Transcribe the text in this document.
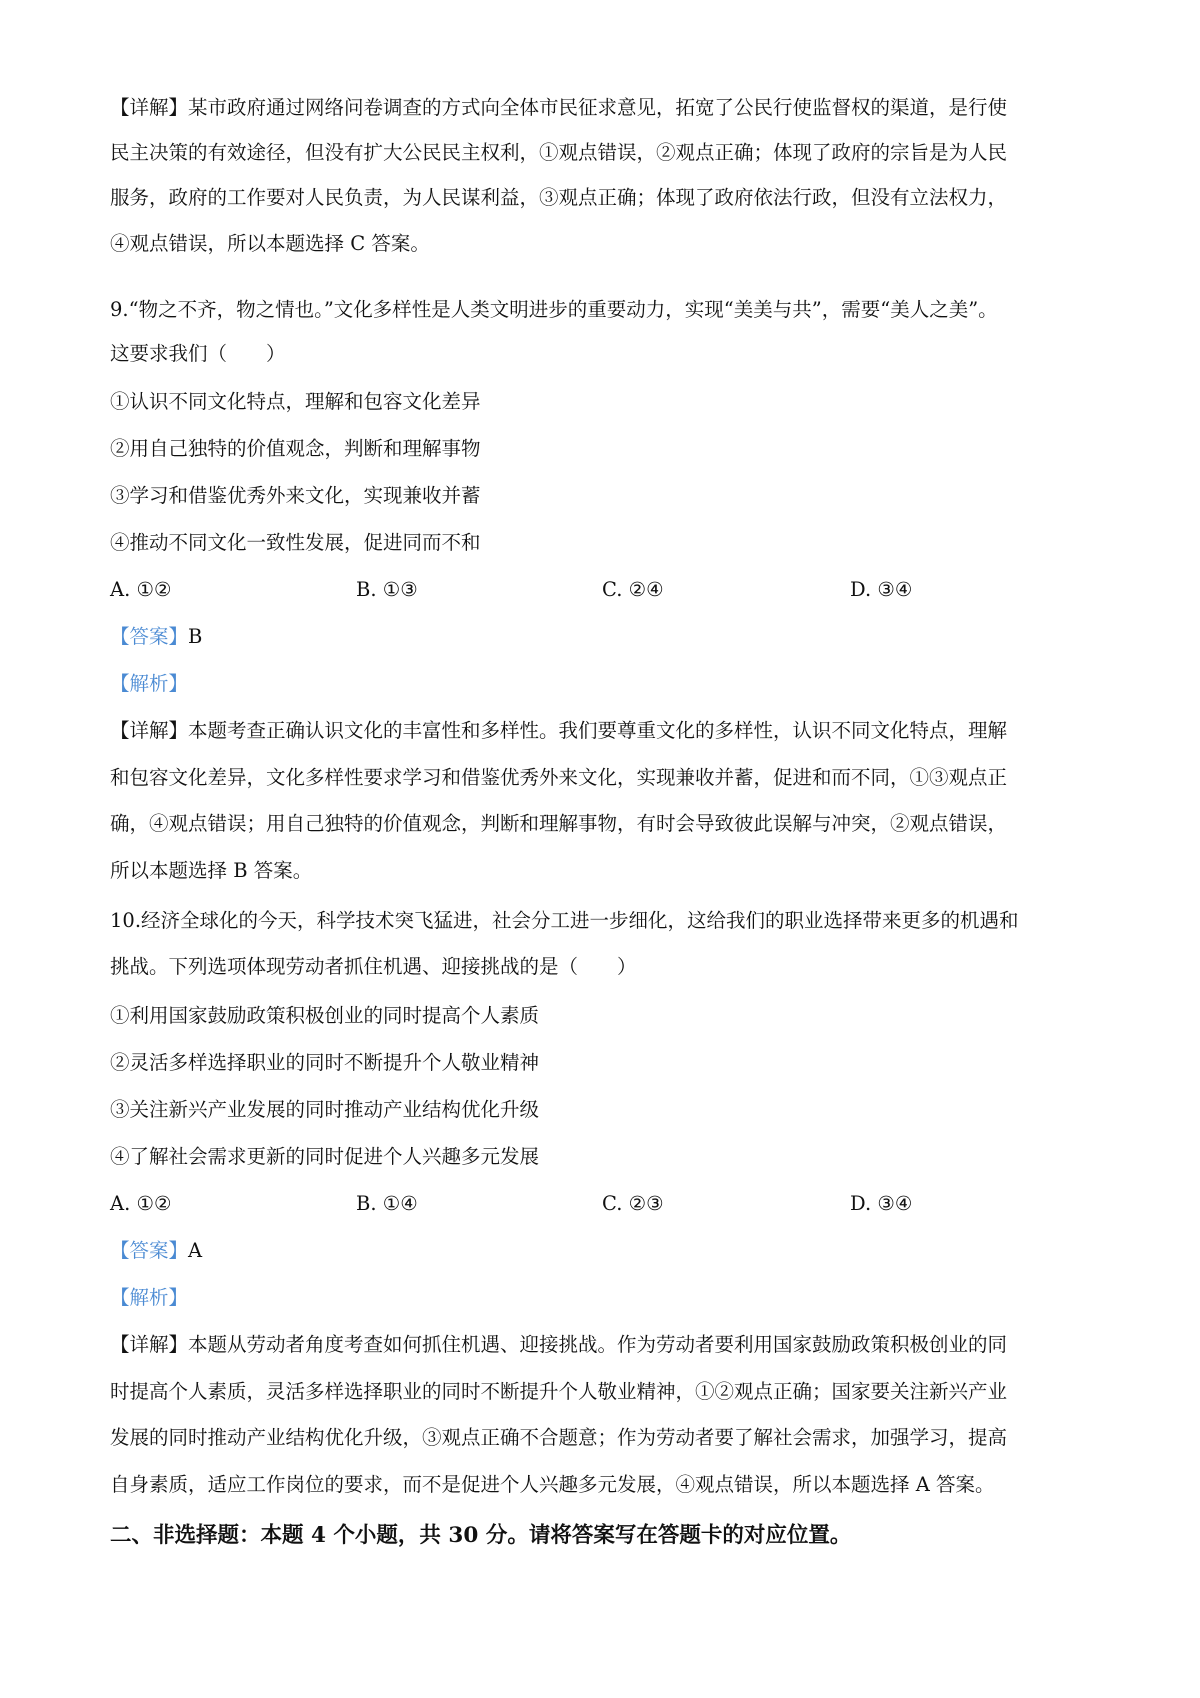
【详解】某市政府通过网络问卷调查的方式向全体市民征求意见，拓宽了公民行使监督权的渠道，是行使

民主决策的有效途径，但没有扩大公民民主权利，①观点错误，②观点正确；体现了政府的宗旨是为人民

服务，政府的工作要对人民负责，为人民谋利益，③观点正确；体现了政府依法行政，但没有立法权力，

④观点错误，所以本题选择 C 答案。

9.“物之不齐，物之情也。”文化多样性是人类文明进步的重要动力，实现“美美与共”，需要“美人之美”。

这要求我们（　　）

①认识不同文化特点，理解和包容文化差异

②用自己独特的价值观念，判断和理解事物

③学习和借鉴优秀外来文化，实现兼收并蓄

④推动不同文化一致性发展，促进同而不和

A. ①②	B. ①③	C. ②④	D. ③④

【答案】B

【解析】

【详解】本题考查正确认识文化的丰富性和多样性。我们要尊重文化的多样性，认识不同文化特点，理解

和包容文化差异，文化多样性要求学习和借鉴优秀外来文化，实现兼收并蓄，促进和而不同，①③观点正

确，④观点错误；用自己独特的价值观念，判断和理解事物，有时会导致彼此误解与冲突，②观点错误，

所以本题选择 B 答案。

10.经济全球化的今天，科学技术突飞猛进，社会分工进一步细化，这给我们的职业选择带来更多的机遇和

挑战。下列选项体现劳动者抓住机遇、迎接挑战的是（　　）

①利用国家鼓励政策积极创业的同时提高个人素质

②灵活多样选择职业的同时不断提升个人敬业精神

③关注新兴产业发展的同时推动产业结构优化升级

④了解社会需求更新的同时促进个人兴趣多元发展

A. ①②	B. ①④	C. ②③	D. ③④

【答案】A

【解析】

【详解】本题从劳动者角度考查如何抓住机遇、迎接挑战。作为劳动者要利用国家鼓励政策积极创业的同

时提高个人素质，灵活多样选择职业的同时不断提升个人敬业精神，①②观点正确；国家要关注新兴产业

发展的同时推动产业结构优化升级，③观点正确不合题意；作为劳动者要了解社会需求，加强学习，提高

自身素质，适应工作岗位的要求，而不是促进个人兴趣多元发展，④观点错误，所以本题选择 A 答案。

二、非选择题：本题 4 个小题，共 30 分。请将答案写在答题卡的对应位置。
